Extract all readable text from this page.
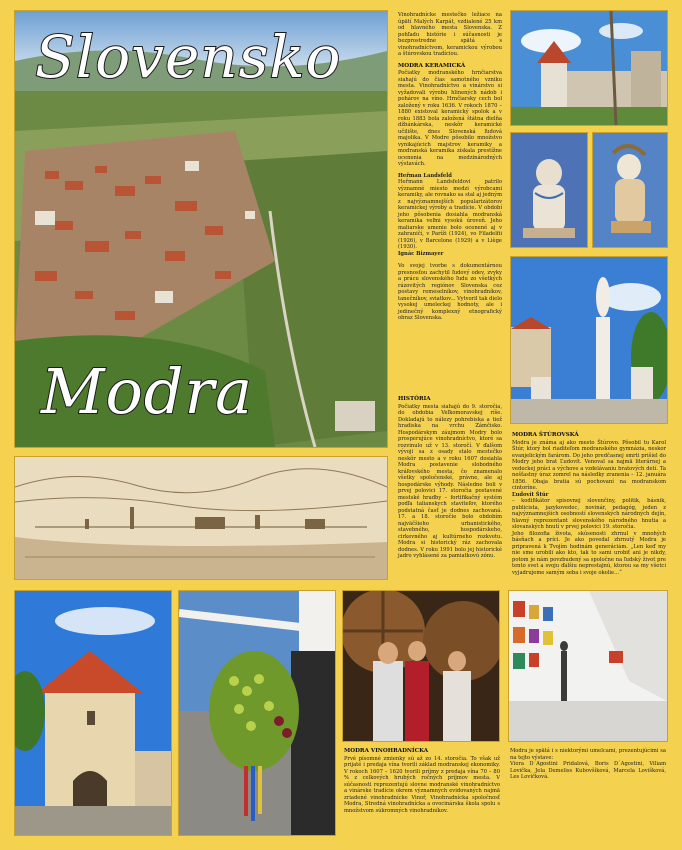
Slovensko
Modra

Vinohradnícke mestečko ležiace na úpätí Malých Karpát, vzdialené 25 km od hlavného mesta Slovenska. Z pohľadu histórie i súčasnosti je bezprostredne spätá s vinohradníctvom, keramickou výrobou a štúrovskou tradíciou.

MODRA KERAMICKÁ

Počiatky modranského hrnčiarstva siahajú do čias samotného vzniku mesta. Vinohradníctvo a vinárstvo si vyžadovali výrobu hlinených nádob i pohárov na víno. Hrnčiarsky cech bol založený v roku 1636. V rokoch 1870 – 1880 existoval keramický spolok a v roku 1883 bola založená štátna dielňa džbánkárska, neskôr keramické učilište, dnes Slovenská ľudová majolika. V Modre pôsobilo množstvo vynikajúcich majstrov keramiky a modranská keramika získala prestížne ocenenia na medzinárodných výstavách.

Heřman Landsfeld

Heřmann Landsfeldovi patrilo významné miesto medzi výrobcami keramiky, ale rovnako sa stal aj jedným z najvýznamnejších popularizátorov keramickej výroby a tradície. V období jeho pôsobenia dosiahla modranská keramika veľmi vysokú úroveň. Jeho maliarske umenie bolo ocenené aj v zahraničí, v Paríži (1924), vo Filadelfii (1926), v Barcelone (1929) a v Liège (1930).

Ignác Bizmayer

Vo svojej tvorbe s dokumentárnou presnosťou zachytil ľudový odev, zvyky a prácu slovenského ľudu zo všetkých rázovitých regiónov Slovenska cez postavy remeselníkov, vinohradníkov, tanečníkov, sviatkov... Vytvoril tak dielo vysokej umeleckej hodnoty, ale i jedinečný komplexný etnografický obraz Slovenska.

HISTÓRIA

Počiatky mesta siahajú do 9. storočia, do obdobia Veľkomoravskej ríše. Dokladajú to nálezy pohrebiska a tiež hradiska na vrchu Zámčisko. Hospodárskym záujmom Modry bolo prosperujúce vinohradníctvo, ktoré sa rozvinulo už v 13. storočí. V ďalšom vývoji sa z osady stalo mestečko neskôr mesto a v roku 1607 dosiahla Modra postavenie slobodného kráľovského mesta, čo znamenalo všetky spoločenské, právne, ale aj hospodárske výhody. Následne boli v prvej polovici 17. storočia postavené mestské hradby – fortifikačný systém podľa talianskych staviteľov, ktorého podstatná časť je dodnes zachovaná. 17. a 18. storočie bolo obdobím najväčšieho urbanistického, stavebného, hospodárskeho, cirkevného aj kultúrneho rozkvetu. Modra si historický ráz zachovala dodnes. V roku 1991 bolo jej historické jadro vyhlásené za pamiatkovú zónu.

MODRA ŠTÚROVSKÁ

Modra je známa aj ako mesto Štúrovo. Pôsobil tu Karol Štúr, ktorý bol riaditeľom modranského gymnázia, neskor evanjelickým farárom. Do jeho predčasnej smrti prišiel do Modry jeho brat Ľudovít. Venoval sa najmä literárnej a vedeckej práci a výchove a vzdelávaniu bratových detí. Ta nešťastný úraz zomrel na následky zranenia – 12. januára 1856. Obaja bratia sú pochovaní na modranskom cintoríne.

Ľudovít Štúr

– kodifikátor spisovnej slovenčiny, politik, básnik, publicista, jazykovedec, novinár, pedagóg, jeden z najvýznamnejších osobností slovenských národných dejín, hlavný reprezentant slovenského národného hnutia a slovanských hnutí v prvej polovici 19. storočia.

Jeho filozofia života, skúsenosti zhrnul v mnohých básňach a príci. Je ako povedal zhrnutý Modra je pripravená k Tvojím hodinám generáciám. „Len keď my nie sme urobili ako kto, tak to sami urobiť ani je nikdy, potom je nám povzbudený sa spoločne na ľudský život pre tento svet a svoju ďalšiu neprestajnú, ktorou sa my všetci vyjadrujeme samým seba i svoje okolie...“

MODRA VINOHRADNÍCKA

Prvé písomné zmienky sú až zo 14. storočia. To však už prijaté i predaja vína tvorili základ modranskej ekonomiky. V rokoch 1607 – 1620 tvorili príjmy z predaja vína 70 – 80 % z celkových hrubých ročných príjmov mesta. V súčasnosti reprezentujú slovne modranské vinohradníctvo a vinárske tradície okrem významných evidovaných najmä zriadené vinohradnícke Vinoř, Vinohradnícka spoločnosť Modra, Stredná vinohradnícka a ovocinárska škola spolu s množstvom súkromných vinohradníkov.

Modra je spätá i s niektorými umelcami, prezentujúcimi sa na tejto výstave:

Viera D´Agostini Pridalová, Boris D´Agostini, Viliam Lovička, Jela Demeliss Kubovšíková, Marcela Lovišková, Les Lovičková.
